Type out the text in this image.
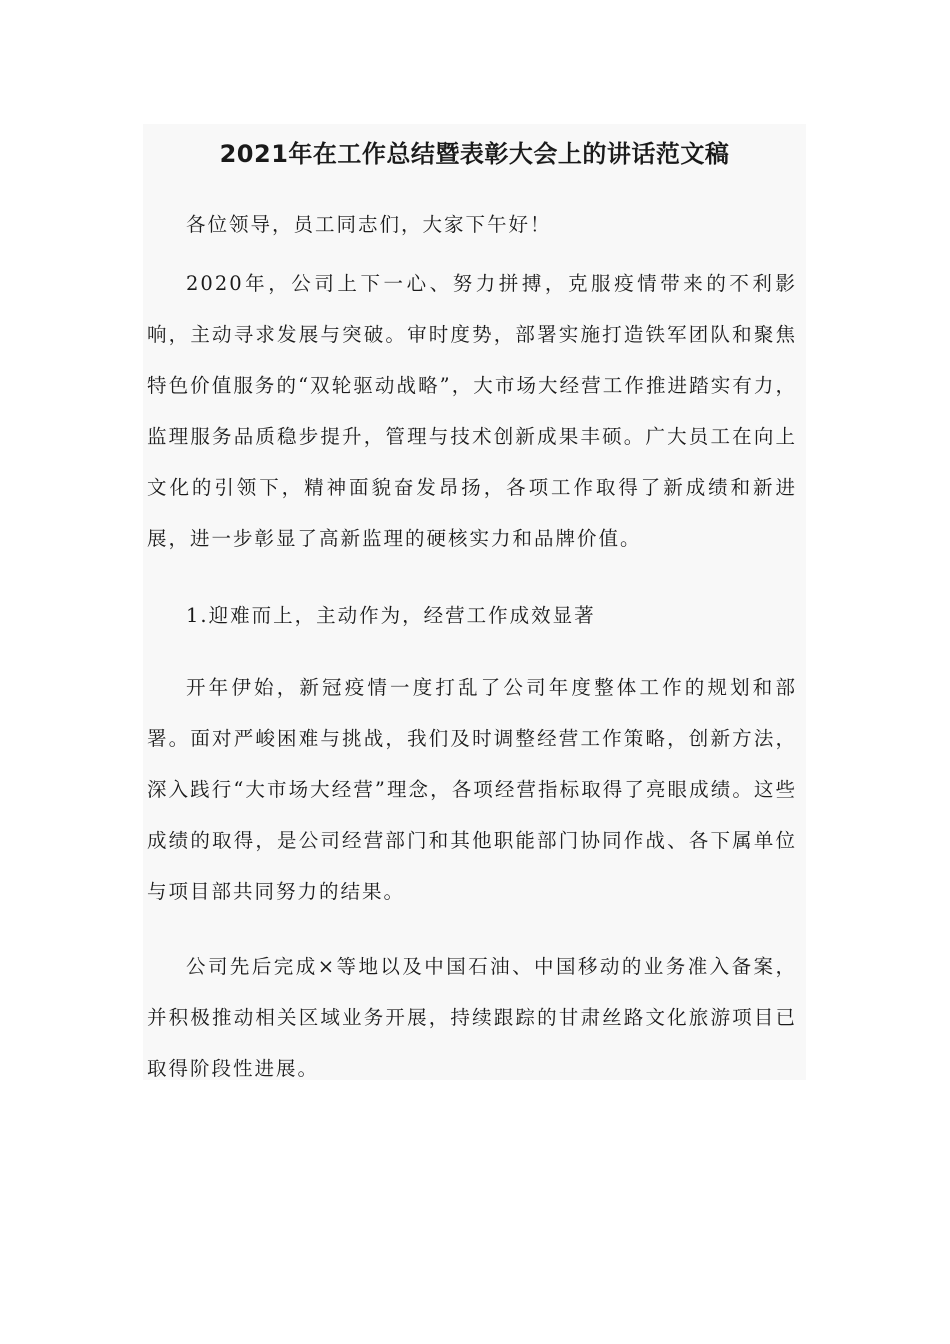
2021年在工作总结暨表彰大会上的讲话范文稿

各位领导，员工同志们，大家下午好！

2020年，公司上下一心、努力拼搏，克服疫情带来的不利影响，主动寻求发展与突破。审时度势，部署实施打造铁军团队和聚焦特色价值服务的“双轮驱动战略”，大市场大经营工作推进踏实有力，监理服务品质稳步提升，管理与技术创新成果丰硕。广大员工在向上文化的引领下，精神面貌奋发昂扬，各项工作取得了新成绩和新进展，进一步彰显了高新监理的硬核实力和品牌价值。

1.迎难而上，主动作为，经营工作成效显著

开年伊始，新冠疫情一度打乱了公司年度整体工作的规划和部署。面对严峻困难与挑战，我们及时调整经营工作策略，创新方法，深入践行“大市场大经营”理念，各项经营指标取得了亮眼成绩。这些成绩的取得，是公司经营部门和其他职能部门协同作战、各下属单位与项目部共同努力的结果。

公司先后完成×等地以及中国石油、中国移动的业务准入备案，并积极推动相关区域业务开展，持续跟踪的甘肃丝路文化旅游项目已取得阶段性进展。
